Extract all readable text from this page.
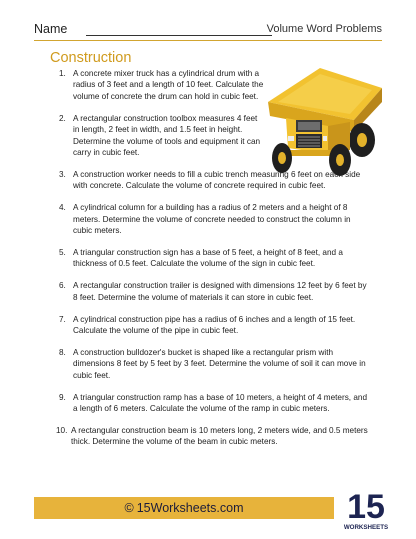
Name	Volume Word Problems
Construction
1. A concrete mixer truck has a cylindrical drum with a radius of 3 feet and a length of 10 feet. Calculate the volume of concrete the drum can hold in cubic feet.
2. A rectangular construction toolbox measures 4 feet in length, 2 feet in width, and 1.5 feet in height. Determine the volume of tools and equipment it can carry in cubic feet.
3. A construction worker needs to fill a cubic trench measuring 6 feet on each side with concrete. Calculate the volume of concrete required in cubic feet.
4. A cylindrical column for a building has a radius of 2 meters and a height of 8 meters. Determine the volume of concrete needed to construct the column in cubic meters.
5. A triangular construction sign has a base of 5 feet, a height of 8 feet, and a thickness of 0.5 feet. Calculate the volume of the sign in cubic feet.
6. A rectangular construction trailer is designed with dimensions 12 feet by 6 feet by 8 feet. Determine the volume of materials it can store in cubic feet.
7. A cylindrical construction pipe has a radius of 6 inches and a length of 15 feet. Calculate the volume of the pipe in cubic feet.
8. A construction bulldozer's bucket is shaped like a rectangular prism with dimensions 8 feet by 5 feet by 3 feet. Determine the volume of soil it can move in cubic feet.
9. A triangular construction ramp has a base of 10 meters, a height of 4 meters, and a length of 6 meters. Calculate the volume of the ramp in cubic meters.
10. A rectangular construction beam is 10 meters long, 2 meters wide, and 0.5 meters thick. Determine the volume of the beam in cubic meters.
© 15Worksheets.com	15
WORKSHEETS
